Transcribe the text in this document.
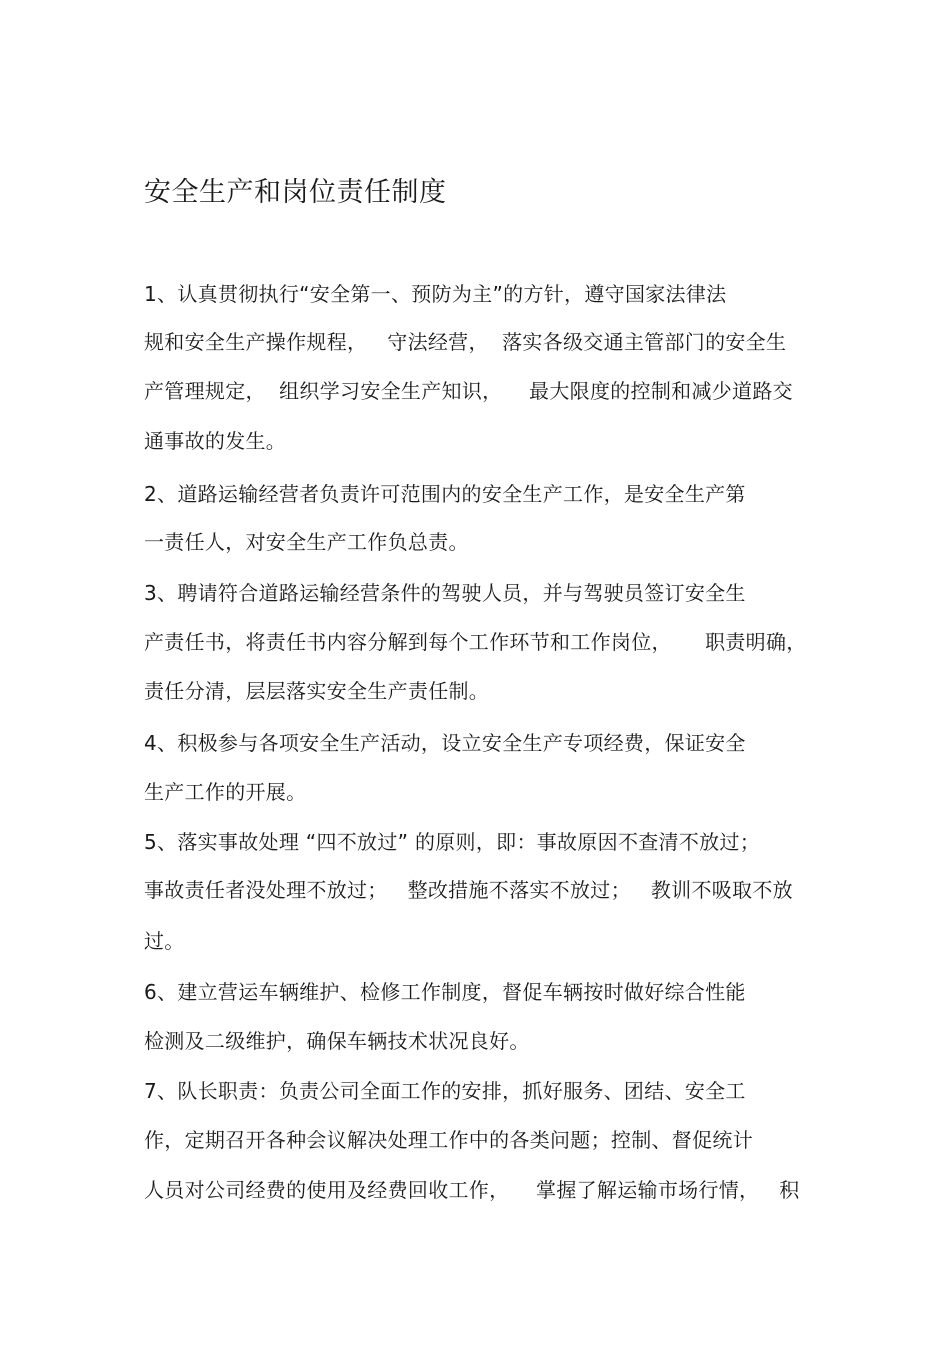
安全生产和岗位责任制度
1、认真贯彻执行“安全第一、预防为主”的方针，遵守国家法律法
规和安全生产操作规程，   守法经营，  落实各级交通主管部门的安全生
产管理规定，  组织学习安全生产知识，    最大限度的控制和减少道路交
通事故的发生。
2、道路运输经营者负责许可范围内的安全生产工作，是安全生产第
一责任人，对安全生产工作负总责。
3、聘请符合道路运输经营条件的驾驶人员，并与驾驶员签订安全生
产责任书，将责任书内容分解到每个工作环节和工作岗位，     职责明确，
责任分清，层层落实安全生产责任制。
4、积极参与各项安全生产活动，设立安全生产专项经费，保证安全
生产工作的开展。
5、落实事故处理 “四不放过” 的原则，即：事故原因不查清不放过；
事故责任者没处理不放过；   整改措施不落实不放过；   教训不吸取不放
过。
6、建立营运车辆维护、检修工作制度，督促车辆按时做好综合性能
检测及二级维护，确保车辆技术状况良好。
7、队长职责：负责公司全面工作的安排，抓好服务、团结、安全工
作，定期召开各种会议解决处理工作中的各类问题；控制、督促统计
人员对公司经费的使用及经费回收工作，    掌握了解运输市场行情，   积
